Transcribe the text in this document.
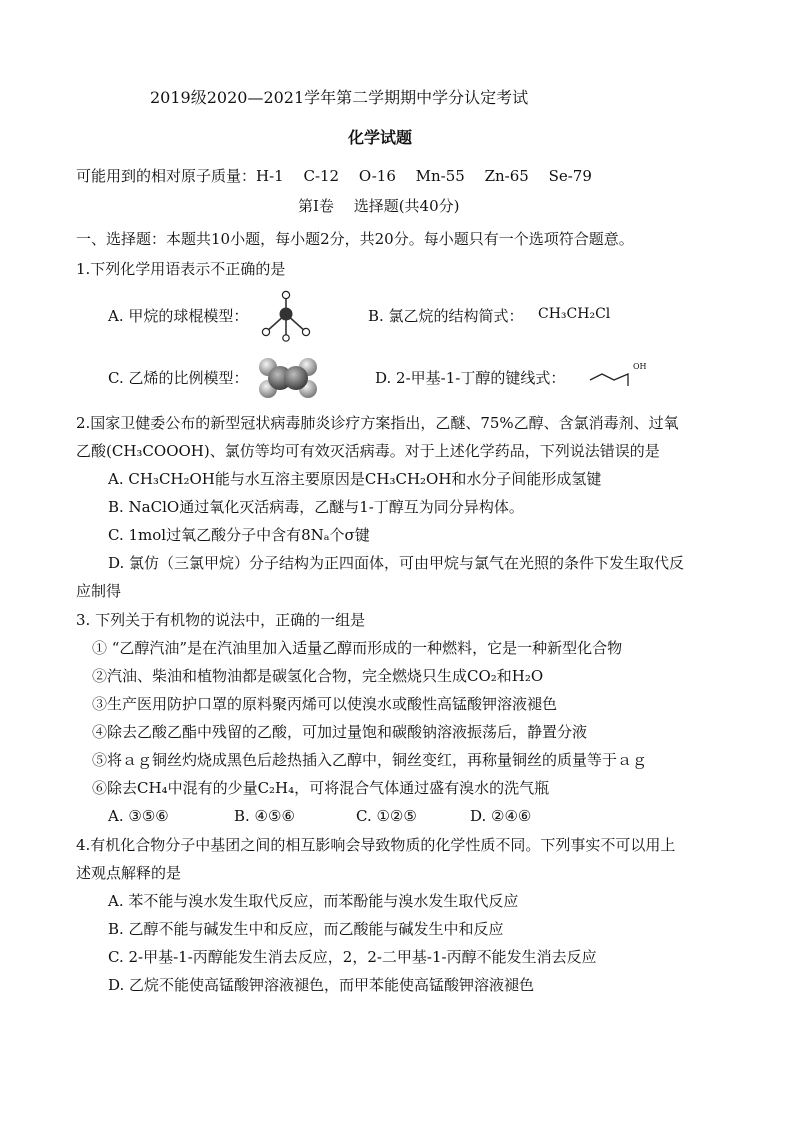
2019级2020—2021学年第二学期期中学分认定考试
化学试题
可能用到的相对原子质量：H-1　 C-12　 O-16　 Mn-55　 Zn-65　 Se-79
第Ⅰ卷　 选择题(共40分)
一、选择题：本题共10小题，每小题2分，共20分。每小题只有一个选项符合题意。
1.下列化学用语表示不正确的是
A. 甲烷的球棍模型：	B. 氯乙烷的结构简式： CH₃CH₂Cl
C. 乙烯的比例模型：	D. 2-甲基-1-丁醇的键线式：
OH
2.国家卫健委公布的新型冠状病毒肺炎诊疗方案指出，乙醚、75%乙醇、含氯消毒剂、过氧
乙酸(CH₃COOOH)、氯仿等均可有效灭活病毒。对于上述化学药品，下列说法错误的是
A. CH₃CH₂OH能与水互溶主要原因是CH₃CH₂OH和水分子间能形成氢键
B. NaClO通过氧化灭活病毒，乙醚与1-丁醇互为同分异构体。
C. 1mol过氧乙酸分子中含有8Nₐ个σ键
D. 氯仿（三氯甲烷）分子结构为正四面体，可由甲烷与氯气在光照的条件下发生取代反
应制得
3. 下列关于有机物的说法中，正确的一组是
① “乙醇汽油”是在汽油里加入适量乙醇而形成的一种燃料，它是一种新型化合物
②汽油、柴油和植物油都是碳氢化合物，完全燃烧只生成CO₂和H₂O
③生产医用防护口罩的原料聚丙烯可以使溴水或酸性高锰酸钾溶液褪色
④除去乙酸乙酯中残留的乙酸，可加过量饱和碳酸钠溶液振荡后，静置分液
⑤将ａｇ铜丝灼烧成黑色后趁热插入乙醇中，铜丝变红，再称量铜丝的质量等于ａｇ
⑥除去CH₄中混有的少量C₂H₄，可将混合气体通过盛有溴水的洗气瓶
A. ③⑤⑥	B. ④⑤⑥	C. ①②⑤	D. ②④⑥
4.有机化合物分子中基团之间的相互影响会导致物质的化学性质不同。下列事实不可以用上
述观点解释的是
A. 苯不能与溴水发生取代反应，而苯酚能与溴水发生取代反应
B. 乙醇不能与碱发生中和反应，而乙酸能与碱发生中和反应
C. 2-甲基-1-丙醇能发生消去反应，2，2-二甲基-1-丙醇不能发生消去反应
D. 乙烷不能使高锰酸钾溶液褪色，而甲苯能使高锰酸钾溶液褪色
